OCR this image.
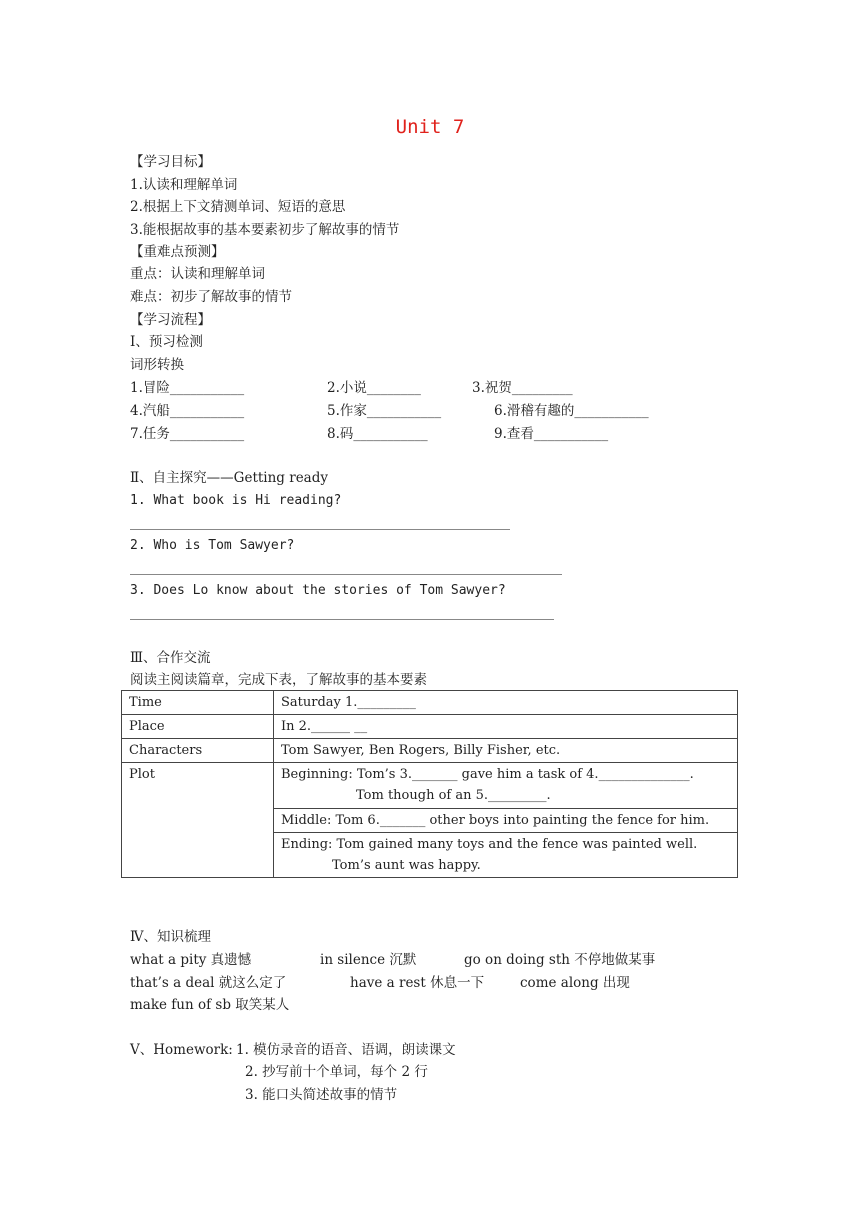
Unit 7
【学习目标】
1.认读和理解单词
2.根据上下文猜测单词、短语的意思
3.能根据故事的基本要素初步了解故事的情节
【重难点预测】
重点：认读和理解单词
难点：初步了解故事的情节
【学习流程】
Ⅰ、预习检测
词形转换
1.冒险___________	2.小说________	3.祝贺_________
4.汽船___________	5.作家___________	6.滑稽有趣的___________
7.任务___________	8.码___________	9.查看___________
Ⅱ、自主探究——Getting ready
1. What book is Hi reading?
2. Who is Tom Sawyer?
3. Does Lo know about the stories of Tom Sawyer?
Ⅲ、合作交流
阅读主阅读篇章，完成下表，了解故事的基本要素
Time	Saturday 1._________
Place	In 2.______ __
Characters	Tom Sawyer, Ben Rogers, Billy Fisher, etc.
Plot	Beginning: Tom’s 3._______ gave him a task of 4.______________.
Tom though of an 5._________.

	Middle: Tom 6._______ other boys into painting the fence for him.

	Ending: Tom gained many toys and the fence was painted well.
Tom’s aunt was happy.
Ⅳ、知识梳理
what a pity 真遗憾	in silence 沉默	go on doing sth 不停地做某事
that’s a deal 就这么定了	have a rest 休息一下	come along 出现
make fun of sb 取笑某人
Ⅴ、Homework: 1. 模仿录音的语音、语调，朗读课文
2. 抄写前十个单词，每个 2 行
3. 能口头简述故事的情节
